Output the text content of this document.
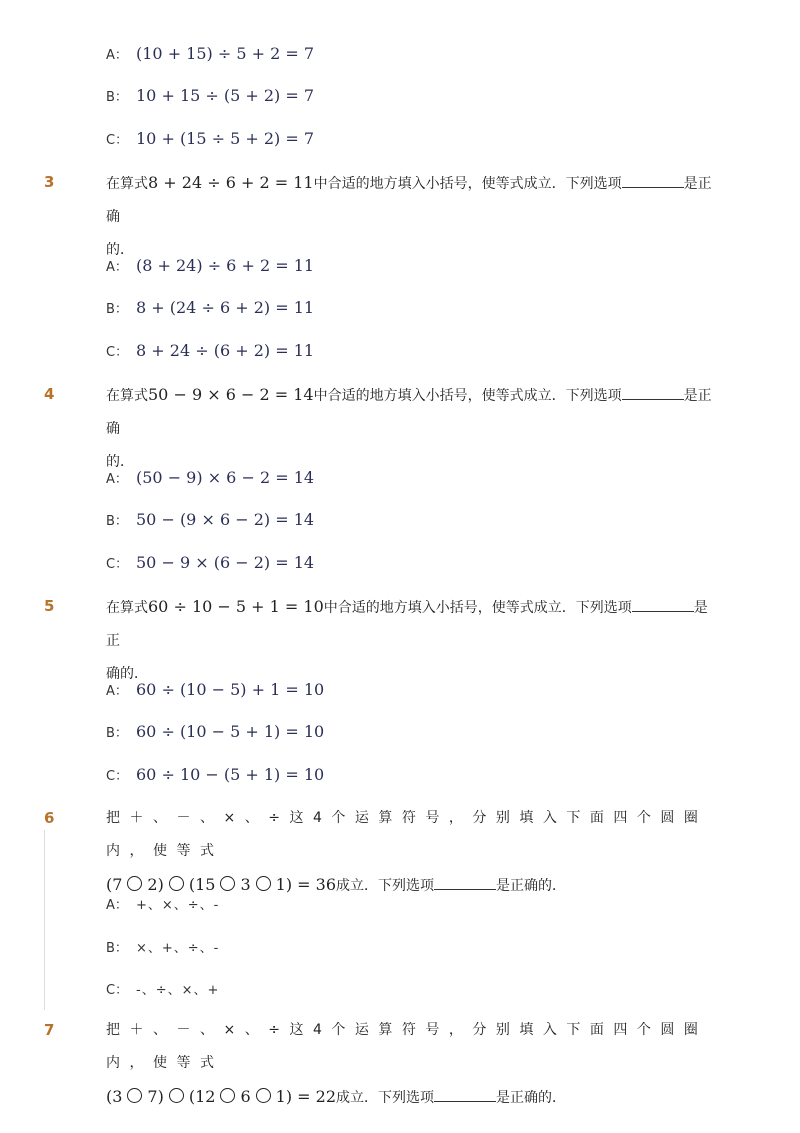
A： (10 + 15) ÷ 5 + 2 = 7
B： 10 + 15 ÷ (5 + 2) = 7
C： 10 + (15 ÷ 5 + 2) = 7
3	在算式8 + 24 ÷ 6 + 2 = 11中合适的地方填入小括号，使等式成立．下列选项	是正确
的．
A： (8 + 24) ÷ 6 + 2 = 11
B： 8 + (24 ÷ 6 + 2) = 11
C： 8 + 24 ÷ (6 + 2) = 11
4	在算式50 − 9 × 6 − 2 = 14中合适的地方填入小括号，使等式成立．下列选项	是正确
的．
A： (50 − 9) × 6 − 2 = 14
B： 50 − (9 × 6 − 2) = 14
C： 50 − 9 × (6 − 2) = 14
5	在算式60 ÷ 10 − 5 + 1 = 10中合适的地方填入小括号，使等式成立．下列选项	是正
确的．
A： 60 ÷ (10 − 5) + 1 = 10
B： 60 ÷ (10 − 5 + 1) = 10
C： 60 ÷ 10 − (5 + 1) = 10
6	把＋、－、×、÷这4个运算符号，分别填入下面四个圆圈内，使等式
(7 2) (15 3 1) = 36成立．下列选项	是正确的．
A： +、×、÷、-
B： ×、+、÷、-
C： -、÷、×、+
7	把＋、－、×、÷这4个运算符号，分别填入下面四个圆圈内，使等式
(3 7) (12 6 1) = 22成立．下列选项	是正确的．
